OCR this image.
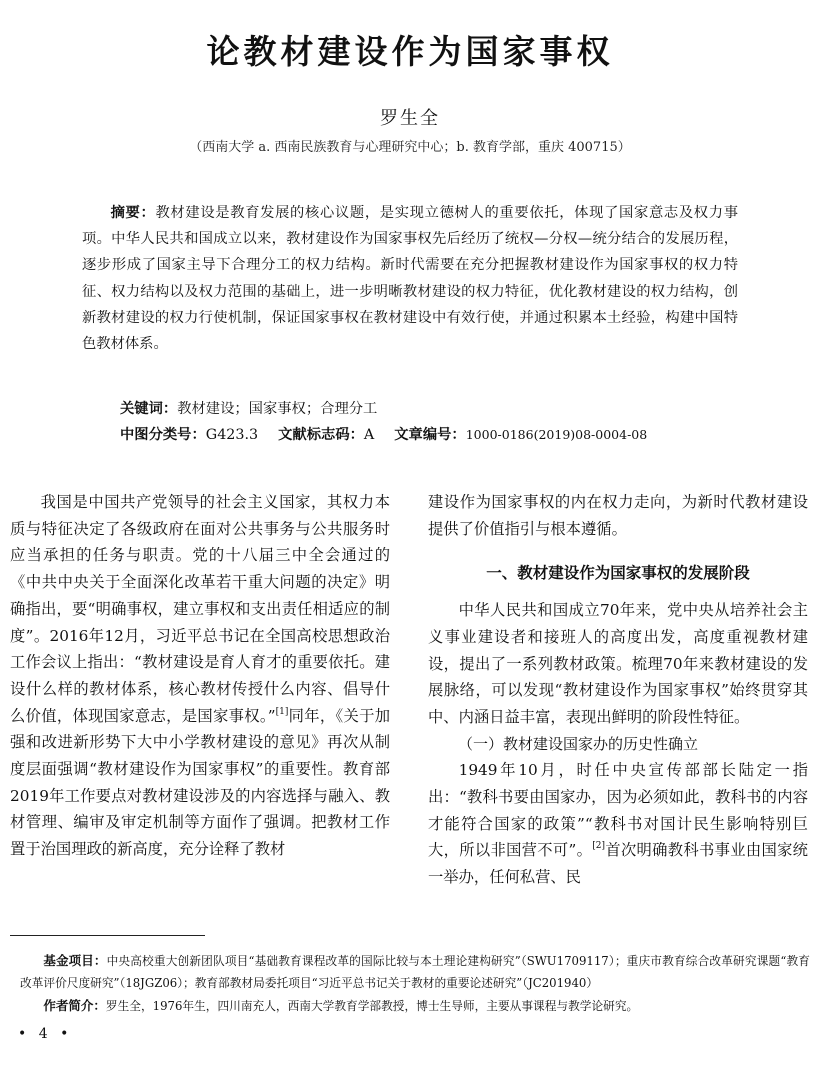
论教材建设作为国家事权
罗生全
（西南大学 a. 西南民族教育与心理研究中心；b. 教育学部，重庆 400715）
摘要：教材建设是教育发展的核心议题，是实现立德树人的重要依托，体现了国家意志及权力事项。中华人民共和国成立以来，教材建设作为国家事权先后经历了统权—分权—统分结合的发展历程，逐步形成了国家主导下合理分工的权力结构。新时代需要在充分把握教材建设作为国家事权的权力特征、权力结构以及权力范围的基础上，进一步明晰教材建设的权力特征，优化教材建设的权力结构，创新教材建设的权力行使机制，保证国家事权在教材建设中有效行使，并通过积累本土经验，构建中国特色教材体系。
关键词：教材建设；国家事权；合理分工
中图分类号：G423.3 文献标志码：A 文章编号：1000-0186(2019)08-0004-08

我国是中国共产党领导的社会主义国家，其权力本质与特征决定了各级政府在面对公共事务与公共服务时应当承担的任务与职责。党的十八届三中全会通过的《中共中央关于全面深化改革若干重大问题的决定》明确指出，要“明确事权，建立事权和支出责任相适应的制度”。2016年12月，习近平总书记在全国高校思想政治工作会议上指出：“教材建设是育人育才的重要依托。建设什么样的教材体系，核心教材传授什么内容、倡导什么价值，体现国家意志，是国家事权。”[1]同年，《关于加强和改进新形势下大中小学教材建设的意见》再次从制度层面强调“教材建设作为国家事权”的重要性。教育部2019年工作要点对教材建设涉及的内容选择与融入、教材管理、编审及审定机制等方面作了强调。把教材工作置于治国理政的新高度，充分诠释了教材

建设作为国家事权的内在权力走向，为新时代教材建设提供了价值指引与根本遵循。

一、教材建设作为国家事权的发展阶段

中华人民共和国成立70年来，党中央从培养社会主义事业建设者和接班人的高度出发，高度重视教材建设，提出了一系列教材政策。梳理70年来教材建设的发展脉络，可以发现“教材建设作为国家事权”始终贯穿其中、内涵日益丰富，表现出鲜明的阶段性特征。

（一）教材建设国家办的历史性确立

1949年10月，时任中央宣传部部长陆定一指出：“教科书要由国家办，因为必须如此，教科书的内容才能符合国家的政策”“教科书对国计民生影响特别巨大，所以非国营不可”。[2]首次明确教科书事业由国家统一举办，任何私营、民

基金项目：中央高校重大创新团队项目“基础教育课程改革的国际比较与本土理论建构研究”（SWU1709117）；重庆市教育综合改革研究课题“教育改革评价尺度研究”（18JGZ06）；教育部教材局委托项目“习近平总书记关于教材的重要论述研究”（JC201940）
作者简介：罗生全，1976年生，四川南充人，西南大学教育学部教授，博士生导师，主要从事课程与教学论研究。
• 4 •
